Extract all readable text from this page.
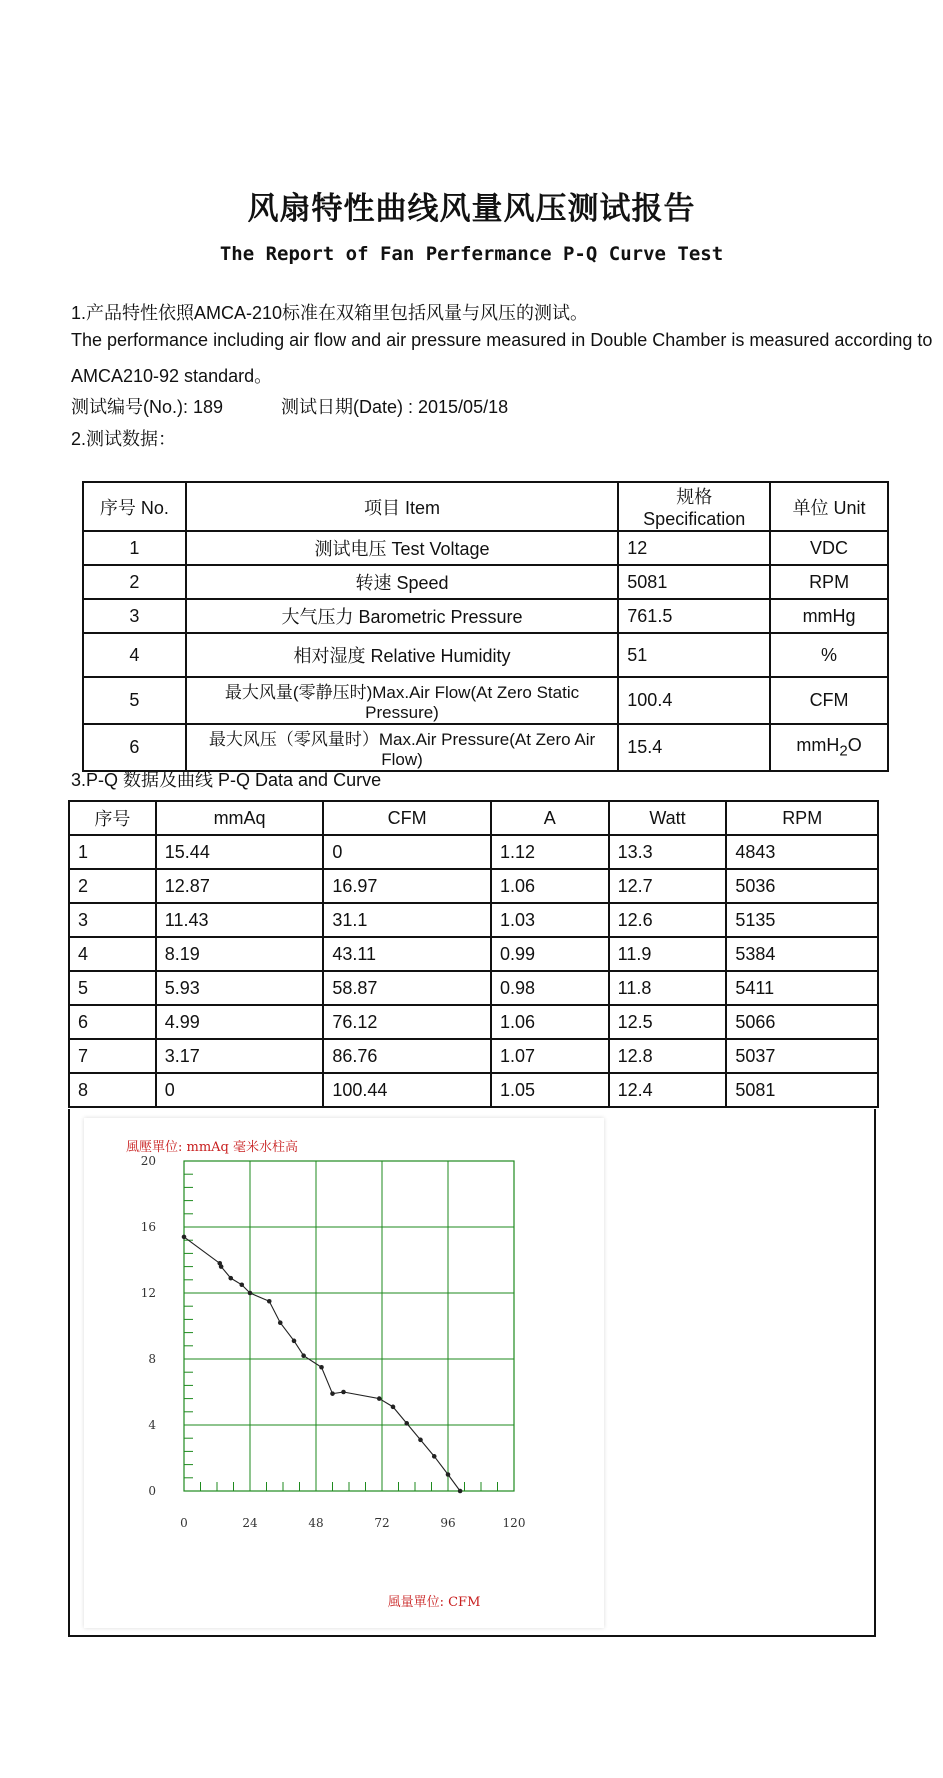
风扇特性曲线风量风压测试报告
The Report of Fan Perfermance P-Q Curve Test
1.产品特性依照AMCA-210标准在双箱里包括风量与风压的测试。
The performance including air flow and air pressure measured in Double Chamber is measured according to
AMCA210-92 standard。
测试编号(No.): 189	测试日期(Date) : 2015/05/18
2.测试数据：
序号 No.	项目 Item	规格 Specification	单位 Unit
1	测试电压 Test Voltage	12	VDC
2	转速 Speed	5081	RPM
3	大气压力 Barometric Pressure	761.5	mmHg
4	相对湿度 Relative Humidity	51	%
5	最大风量(零静压时)Max.Air Flow(At Zero Static Pressure)	100.4	CFM
6	最大风压（零风量时）Max.Air Pressure(At Zero Air Flow)	15.4	mmH$_2$O
3.P-Q 数据及曲线 P-Q Data and Curve
序号	mmAq	CFM	A	Watt	RPM
1	15.44	0	1.12	13.3	4843
2	12.87	16.97	1.06	12.7	5036
3	11.43	31.1	1.03	12.6	5135
4	8.19	43.11	0.99	11.9	5384
5	5.93	58.87	0.98	11.8	5411
6	4.99	76.12	1.06	12.5	5066
7	3.17	86.76	1.07	12.8	5037
8	0	100.44	1.05	12.4	5081
風壓單位: mmAq 毫米水柱高
風量單位: CFM
0
4
8
12
16
20
0	24	48	72	96	120
